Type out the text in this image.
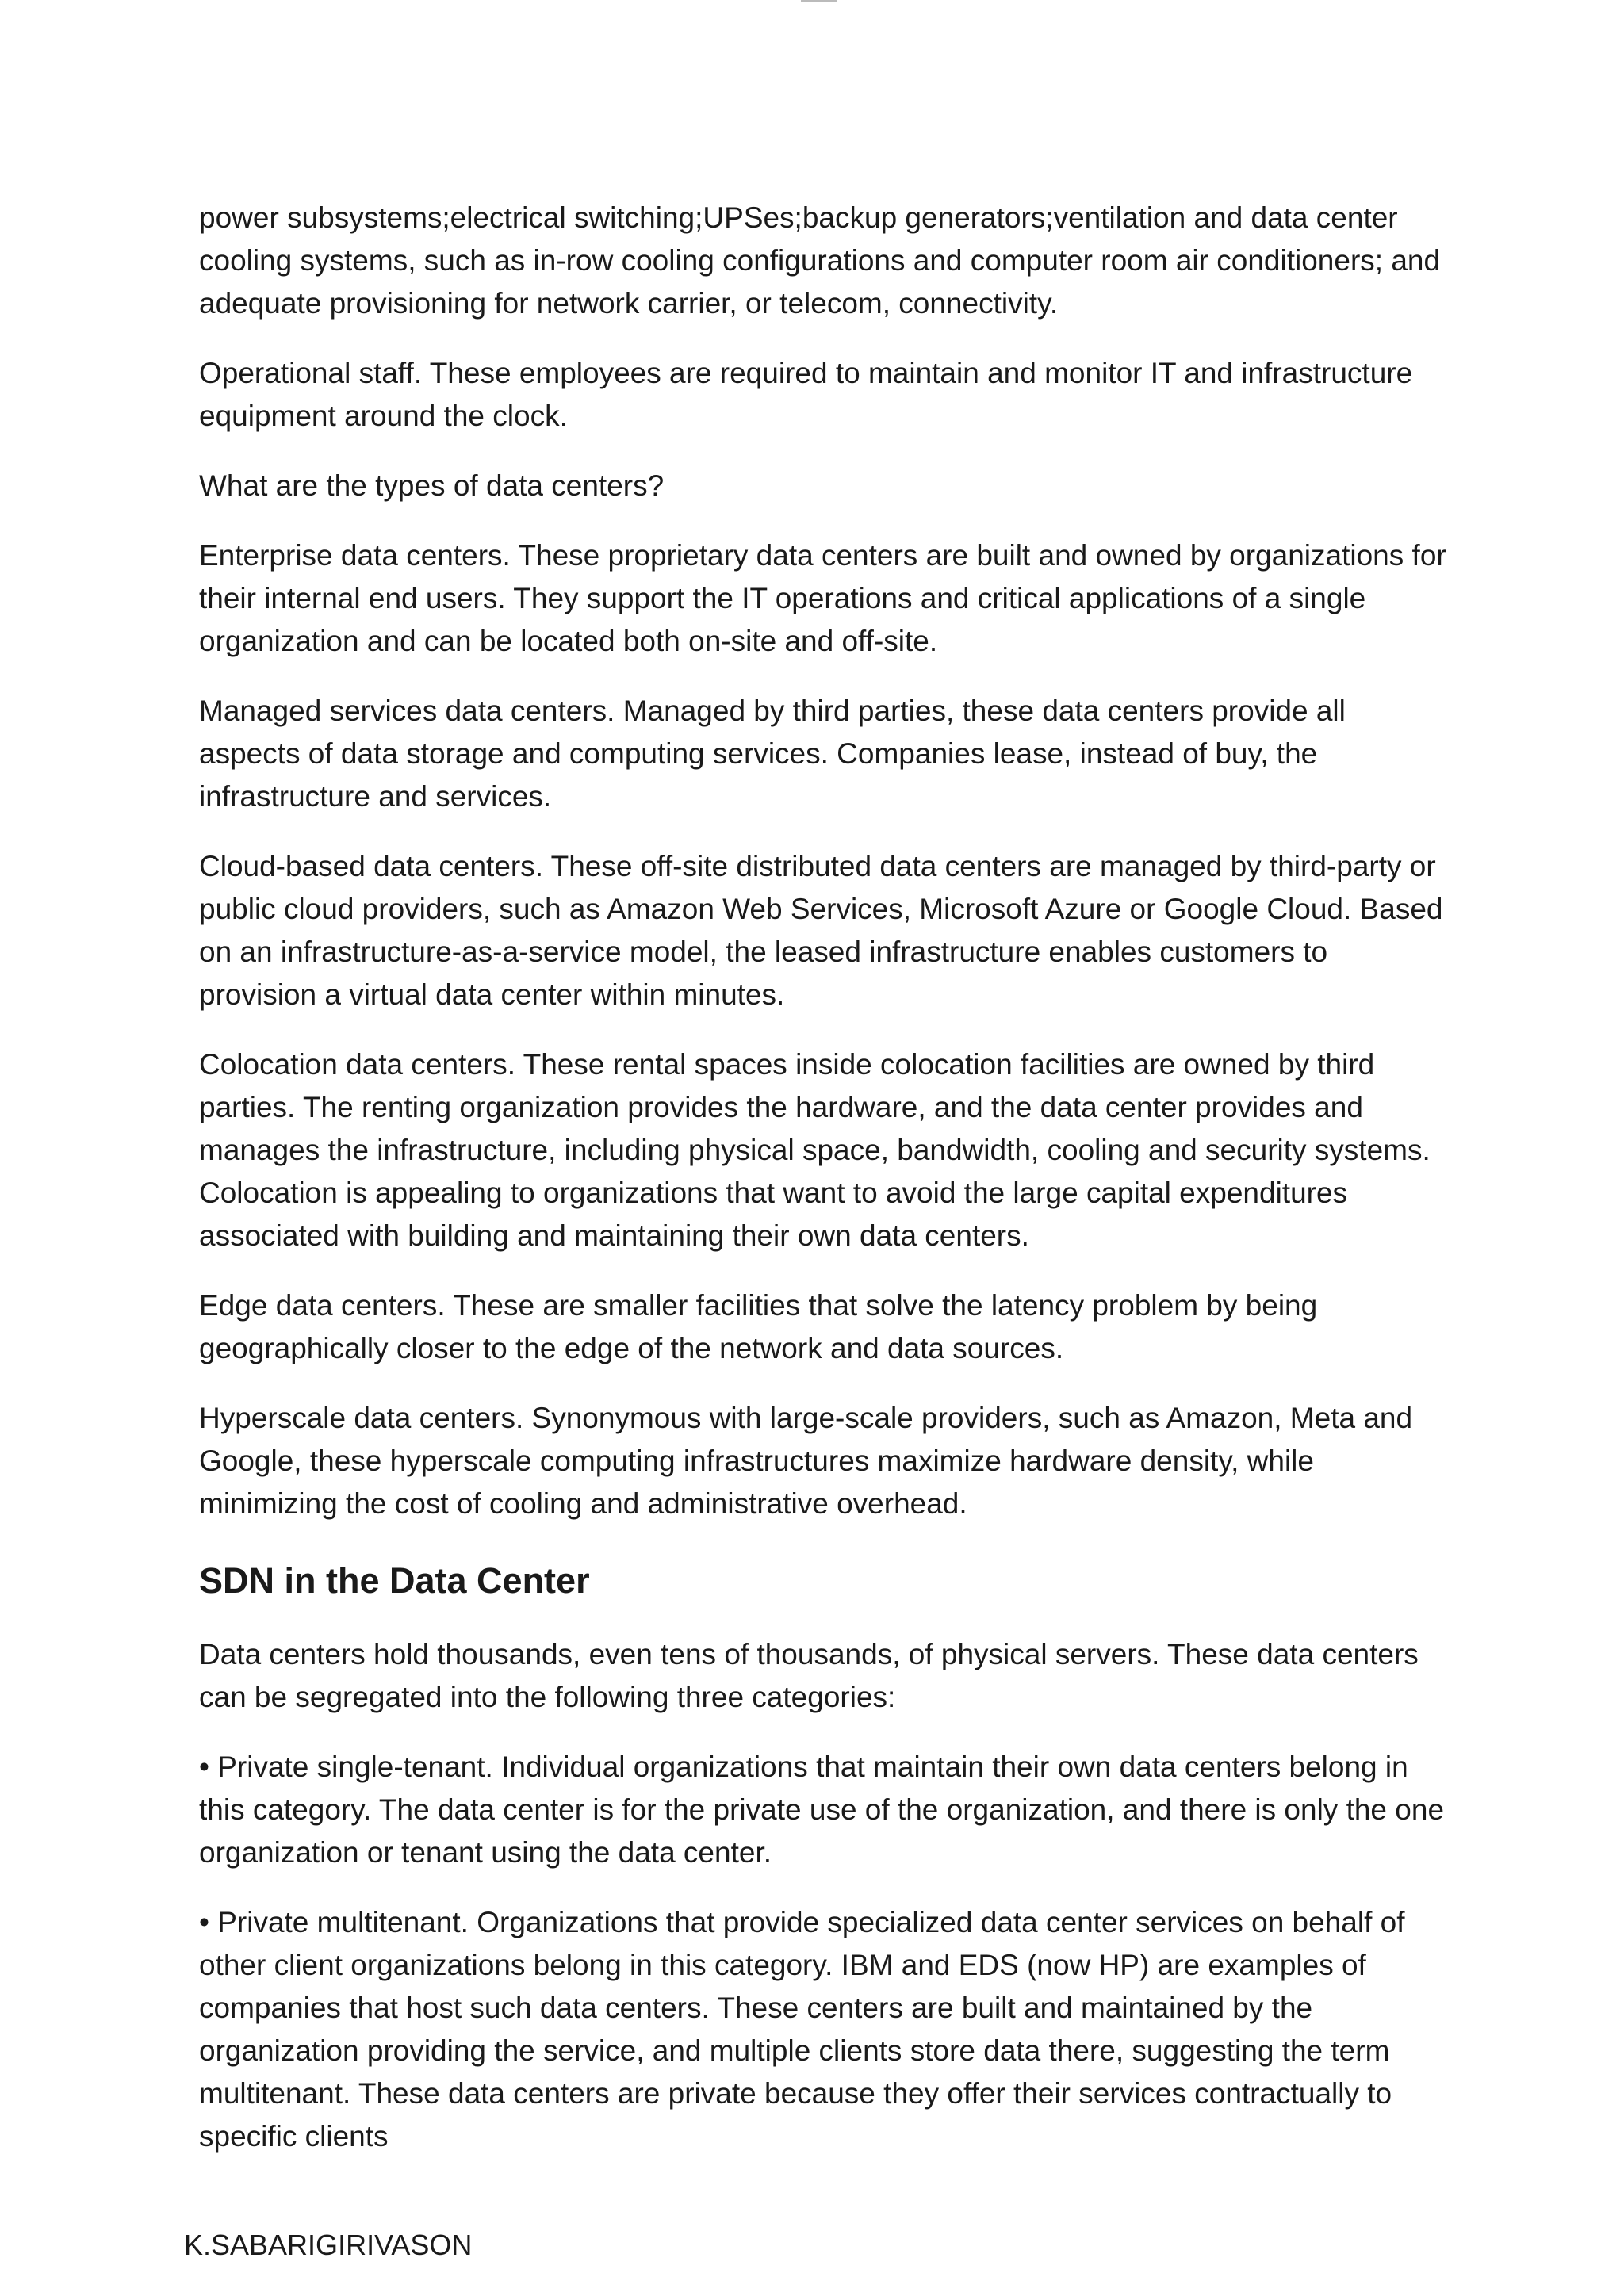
power subsystems;electrical switching;UPSes;backup generators;ventilation and data center cooling systems, such as in-row cooling configurations and computer room air conditioners; and adequate provisioning for network carrier, or telecom, connectivity.

Operational staff. These employees are required to maintain and monitor IT and infrastructure equipment around the clock.

What are the types of data centers?

Enterprise data centers. These proprietary data centers are built and owned by organizations for their internal end users. They support the IT operations and critical applications of a single organization and can be located both on-site and off-site.

Managed services data centers. Managed by third parties, these data centers provide all aspects of data storage and computing services. Companies lease, instead of buy, the infrastructure and services.

Cloud-based data centers. These off-site distributed data centers are managed by third-party or public cloud providers, such as Amazon Web Services, Microsoft Azure or Google Cloud. Based on an infrastructure-as-a-service model, the leased infrastructure enables customers to provision a virtual data center within minutes.

Colocation data centers. These rental spaces inside colocation facilities are owned by third parties. The renting organization provides the hardware, and the data center provides and manages the infrastructure, including physical space, bandwidth, cooling and security systems. Colocation is appealing to organizations that want to avoid the large capital expenditures associated with building and maintaining their own data centers.

Edge data centers. These are smaller facilities that solve the latency problem by being geographically closer to the edge of the network and data sources.

Hyperscale data centers. Synonymous with large-scale providers, such as Amazon, Meta and Google, these hyperscale computing infrastructures maximize hardware density, while minimizing the cost of cooling and administrative overhead.

SDN in the Data Center

Data centers hold thousands, even tens of thousands, of physical servers. These data centers can be segregated into the following three categories:

• Private single-tenant. Individual organizations that maintain their own data centers belong in this category. The data center is for the private use of the organization, and there is only the one organization or tenant using the data center.

• Private multitenant. Organizations that provide specialized data center services on behalf of other client organizations belong in this category. IBM and EDS (now HP) are examples of companies that host such data centers. These centers are built and maintained by the organization providing the service, and multiple clients store data there, suggesting the term multitenant. These data centers are private because they offer their services contractually to specific clients

K.SABARIGIRIVASON
